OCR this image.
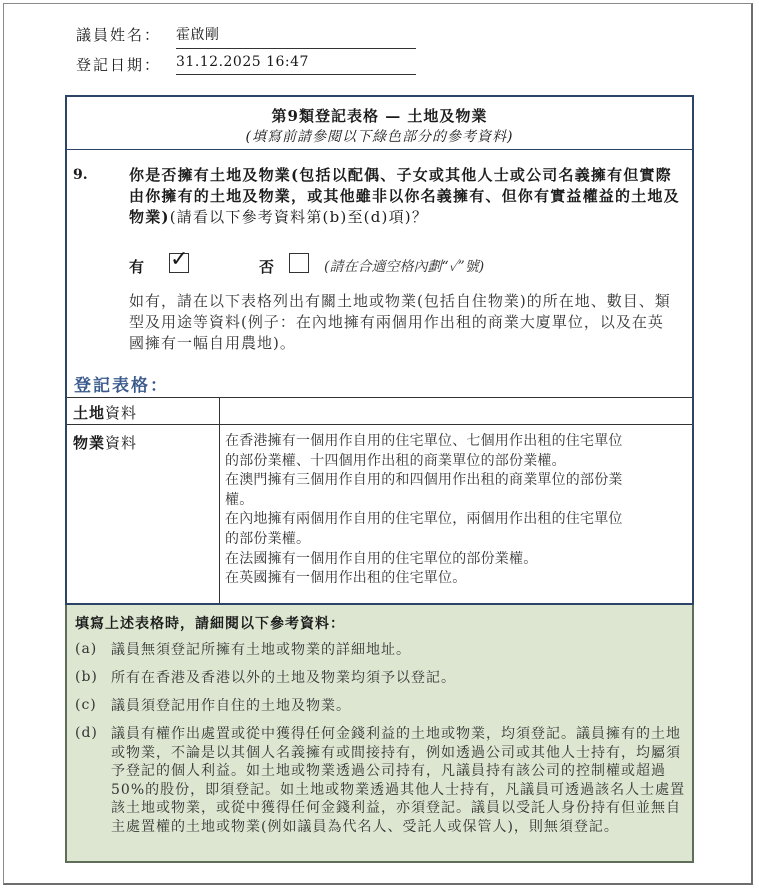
議員姓名： 霍啟剛
登記日期： 31.12.2025 16:47
第9類登記表格 — 土地及物業
(填寫前請參閱以下綠色部分的參考資料)
9.	你是否擁有土地及物業(包括以配偶、子女或其他人士或公司名義擁有但實際由你擁有的土地及物業，或其他雖非以你名義擁有、但你有實益權益的土地及物業)(請看以下參考資料第(b)至(d)項)？
有 ✓	否	(請在合適空格內劃“✓”號)
如有，請在以下表格列出有關土地或物業(包括自住物業)的所在地、數目、類型及用途等資料(例子：在內地擁有兩個用作出租的商業大廈單位，以及在英國擁有一幅自用農地)。
登記表格：
土地資料
物業資料	在香港擁有一個用作自用的住宅單位、七個用作出租的住宅單位
的部份業權、十四個用作出租的商業單位的部份業權。
在澳門擁有三個用作自用的和四個用作出租的商業單位的部份業
權。
在內地擁有兩個用作自用的住宅單位，兩個用作出租的住宅單位
的部份業權。
在法國擁有一個用作自用的住宅單位的部份業權。
在英國擁有一個用作出租的住宅單位。
填寫上述表格時，請細閱以下參考資料：
(a) 議員無須登記所擁有土地或物業的詳細地址。
(b) 所有在香港及香港以外的土地及物業均須予以登記。
(c) 議員須登記用作自住的土地及物業。
(d) 議員有權作出處置或從中獲得任何金錢利益的土地或物業，均須登記。議員擁有的土地或物業，不論是以其個人名義擁有或間接持有，例如透過公司或其他人士持有，均屬須予登記的個人利益。如土地或物業透過公司持有，凡議員持有該公司的控制權或超過50%的股份，即須登記。如土地或物業透過其他人士持有，凡議員可透過該名人士處置該土地或物業，或從中獲得任何金錢利益，亦須登記。議員以受託人身份持有但並無自主處置權的土地或物業(例如議員為代名人、受託人或保管人)，則無須登記。
